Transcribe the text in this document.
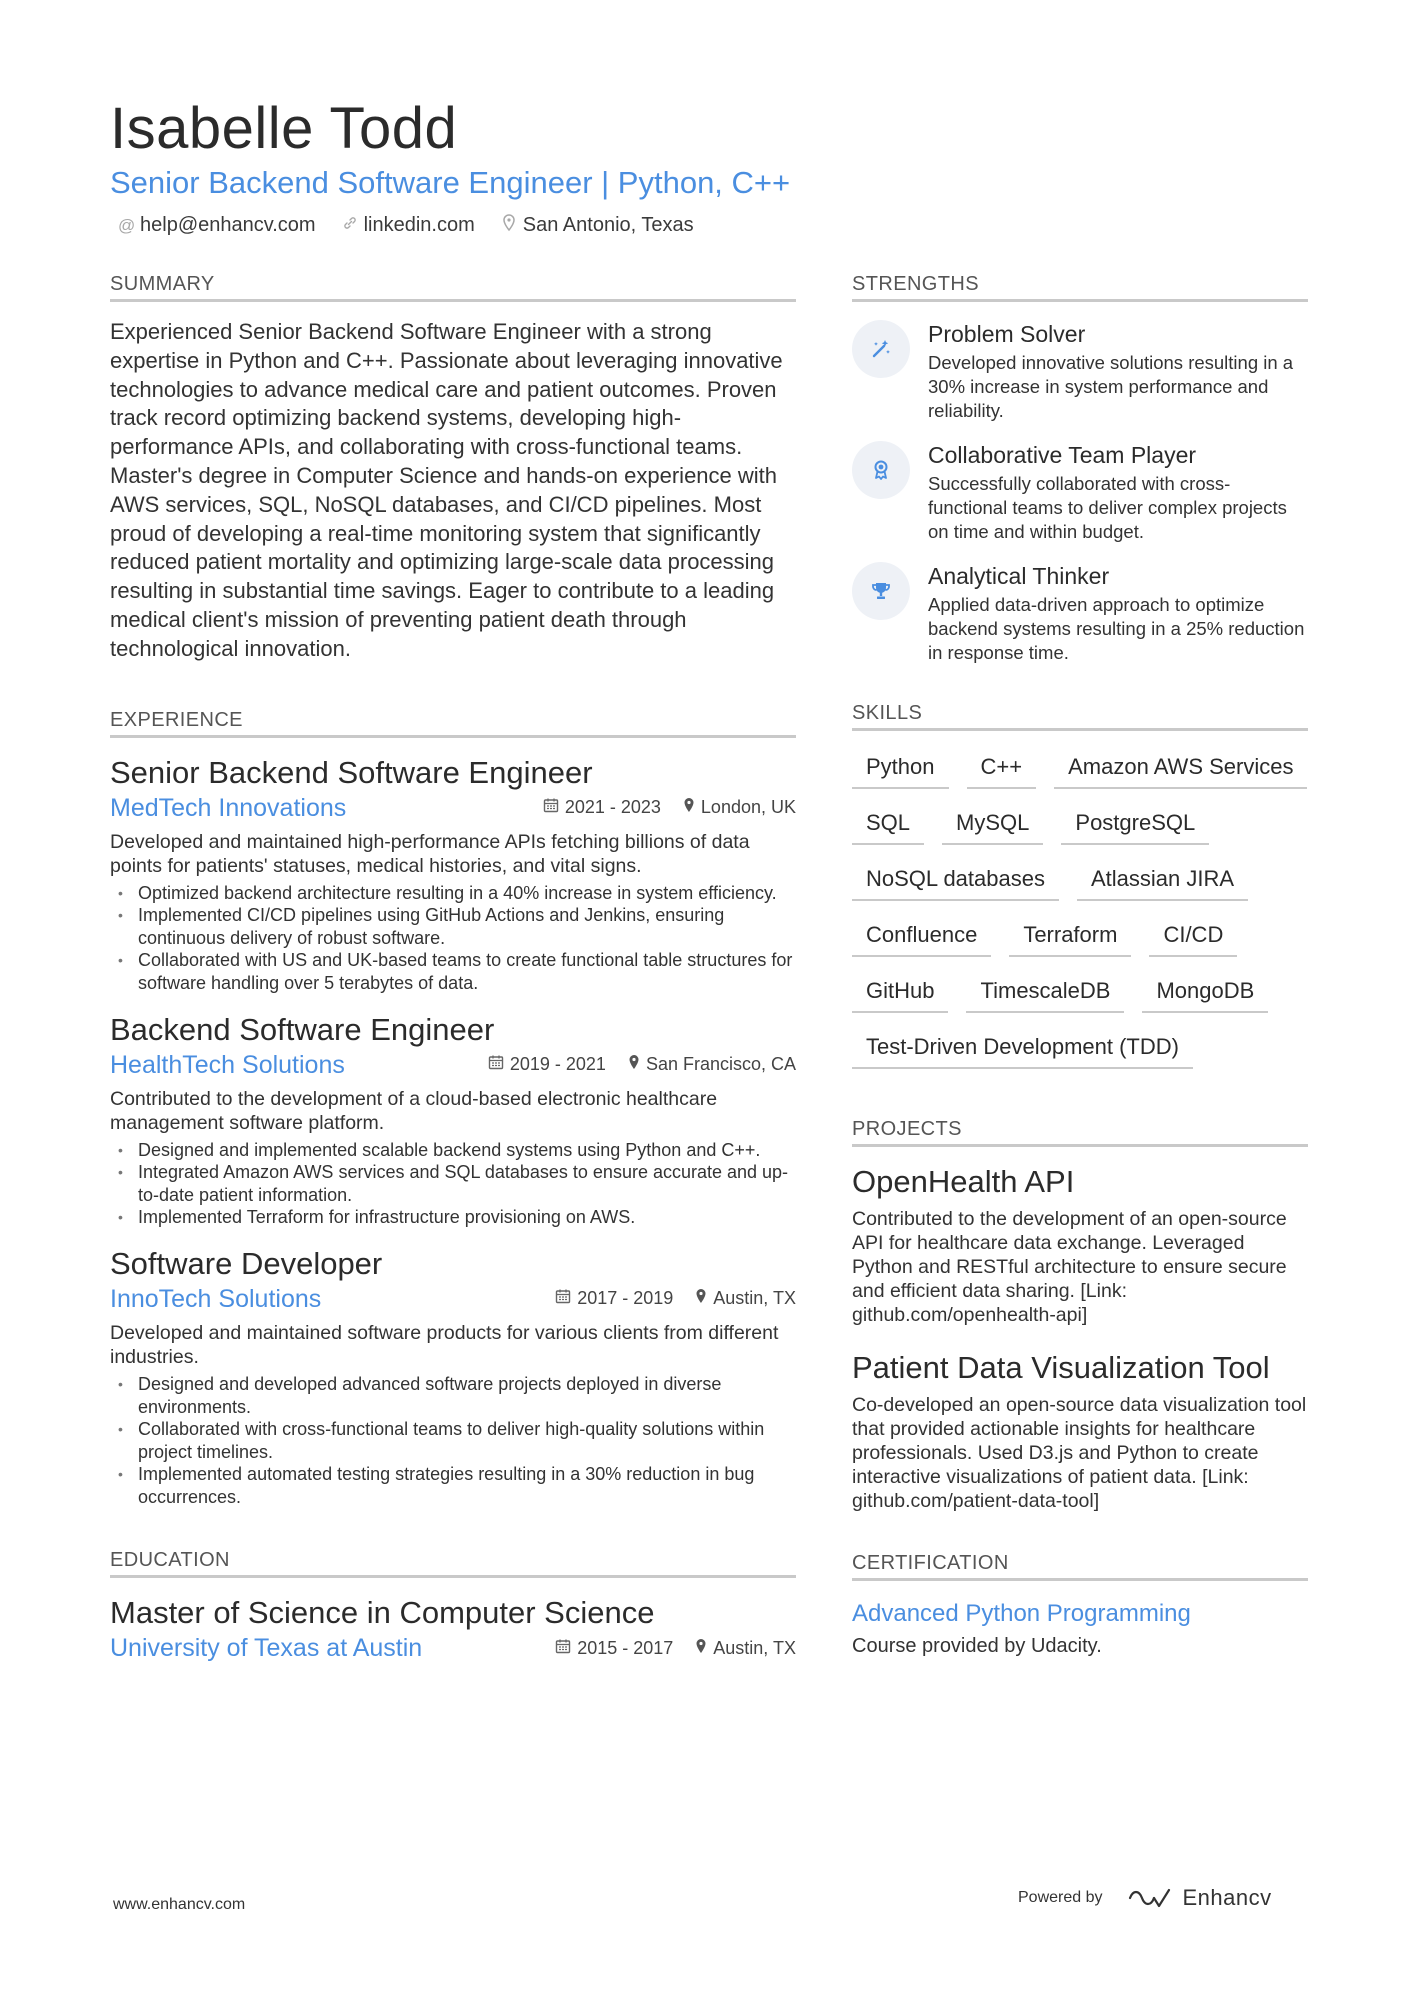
Isabelle Todd
Senior Backend Software Engineer | Python, C++
@ help@enhancv.com linkedin.com San Antonio, Texas
SUMMARY

Experienced Senior Backend Software Engineer with a strong expertise in Python and C++. Passionate about leveraging innovative technologies to advance medical care and patient outcomes. Proven track record optimizing backend systems, developing high-performance APIs, and collaborating with cross-functional teams. Master's degree in Computer Science and hands-on experience with AWS services, SQL, NoSQL databases, and CI/CD pipelines. Most proud of developing a real-time monitoring system that significantly reduced patient mortality and optimizing large-scale data processing resulting in substantial time savings. Eager to contribute to a leading medical client's mission of preventing patient death through technological innovation.

EXPERIENCE
Senior Backend Software Engineer
MedTech Innovations	2021 - 2023 London, UK
Developed and maintained high-performance APIs fetching billions of data points for patients' statuses, medical histories, and vital signs.
• Optimized backend architecture resulting in a 40% increase in system efficiency.
• Implemented CI/CD pipelines using GitHub Actions and Jenkins, ensuring continuous delivery of robust software.
• Collaborated with US and UK-based teams to create functional table structures for software handling over 5 terabytes of data.
Backend Software Engineer
HealthTech Solutions	2019 - 2021 San Francisco, CA
Contributed to the development of a cloud-based electronic healthcare management software platform.
• Designed and implemented scalable backend systems using Python and C++.
• Integrated Amazon AWS services and SQL databases to ensure accurate and up-to-date patient information.
• Implemented Terraform for infrastructure provisioning on AWS.
Software Developer
InnoTech Solutions	2017 - 2019 Austin, TX
Developed and maintained software products for various clients from different industries.
• Designed and developed advanced software projects deployed in diverse environments.
• Collaborated with cross-functional teams to deliver high-quality solutions within project timelines.
• Implemented automated testing strategies resulting in a 30% reduction in bug occurrences.
EDUCATION
Master of Science in Computer Science
University of Texas at Austin	2015 - 2017 Austin, TX
STRENGTHS
Problem Solver
Developed innovative solutions resulting in a 30% increase in system performance and reliability.
Collaborative Team Player
Successfully collaborated with cross-functional teams to deliver complex projects on time and within budget.
Analytical Thinker
Applied data-driven approach to optimize backend systems resulting in a 25% reduction in response time.
SKILLS
Python	C++	Amazon AWS Services
SQL	MySQL	PostgreSQL
NoSQL databases	Atlassian JIRA
Confluence	Terraform	CI/CD
GitHub	TimescaleDB	MongoDB
Test-Driven Development (TDD)
PROJECTS
OpenHealth API
Contributed to the development of an open-source API for healthcare data exchange. Leveraged Python and RESTful architecture to ensure secure and efficient data sharing. [Link: github.com/openhealth-api]
Patient Data Visualization Tool
Co-developed an open-source data visualization tool that provided actionable insights for healthcare professionals. Used D3.js and Python to create interactive visualizations of patient data. [Link: github.com/patient-data-tool]
CERTIFICATION
Advanced Python Programming
Course provided by Udacity.
www.enhancv.com	Powered by	Enhancv
